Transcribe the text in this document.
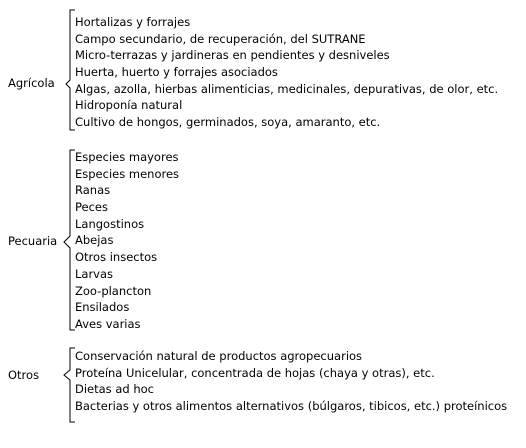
Agrícola
Hortalizas y forrajes
Campo secundario, de recuperación, del SUTRANE
Micro-terrazas y jardineras en pendientes y desniveles
Huerta, huerto y forrajes asociados
Algas, azolla, hierbas alimenticias, medicinales, depurativas, de olor, etc.
Hidroponía natural
Cultivo de hongos, germinados, soya, amaranto, etc.
Pecuaria
Especies mayores
Especies menores
Ranas
Peces
Langostinos
Abejas
Otros insectos
Larvas
Zoo-plancton
Ensilados
Aves varias
Otros
Conservación natural de productos agropecuarios
Proteína Unicelular, concentrada de hojas (chaya y otras), etc.
Dietas ad hoc
Bacterias y otros alimentos alternativos (búlgaros, tibicos, etc.) proteínicos
